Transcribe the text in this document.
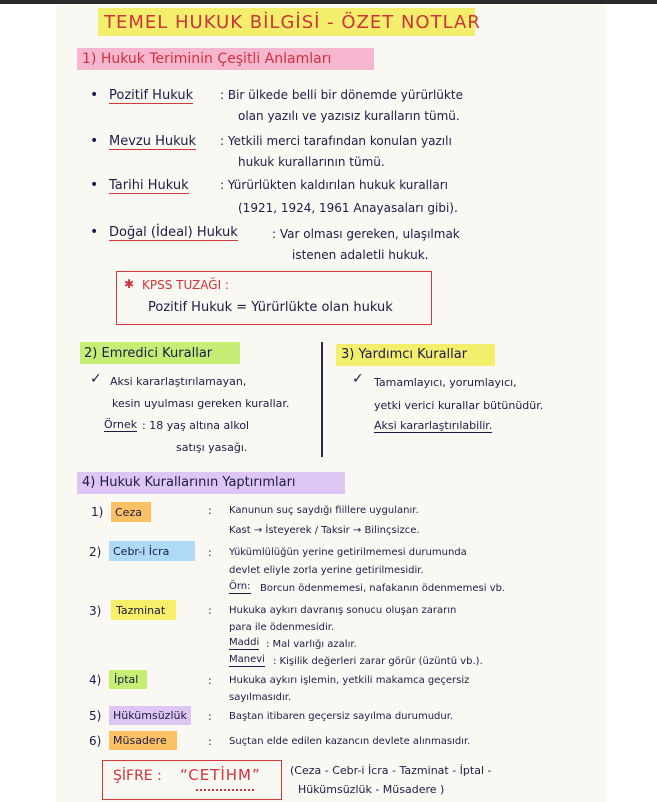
TEMEL HUKUK BİLGİSİ - ÖZET NOTLAR
1) Hukuk Teriminin Çeşitli Anlamları
• Pozitif Hukuk : Bir ülkede belli bir dönemde yürürlükte
olan yazılı ve yazısız kuralların tümü.
• Mevzu Hukuk : Yetkili merci tarafından konulan yazılı
hukuk kurallarının tümü.
• Tarihi Hukuk	: Yürürlükten kaldırılan hukuk kuralları
(1921, 1924, 1961 Anayasaları gibi).
• Doğal (İdeal) Hukuk	: Var olması gereken, ulaşılmak
istenen adaletli hukuk.
✱ KPSS TUZAĞI :
Pozitif Hukuk = Yürürlükte olan hukuk
2) Emredici Kurallar
✓ Aksi kararlaştırılamayan,
kesin uyulması gereken kurallar.
Örnek : 18 yaş altına alkol
satışı yasağı.
3) Yardımcı Kurallar
✓ Tamamlayıcı, yorumlayıcı,
yetki verici kurallar bütünüdür.
Aksi kararlaştırılabilir.
4) Hukuk Kurallarının Yaptırımları
1) Ceza	: Kanunun suç saydığı fiillere uygulanır.
Kast → İsteyerek / Taksir → Bilinçsizce.
2) Cebr-i İcra	: Yükümlülüğün yerine getirilmemesi durumunda
devlet eliyle zorla yerine getirilmesidir.
Örn: Borcun ödenmemesi, nafakanın ödenmemesi vb.
3) Tazminat	: Hukuka aykırı davranış sonucu oluşan zararın
para ile ödenmesidir.
Maddi : Mal varlığı azalır.
Manevi : Kişilik değerleri zarar görür (üzüntü vb.).
4) İptal	: Hukuka aykırı işlemin, yetkili makamca geçersiz
sayılmasıdır.
5) Hükümsüzlük : Baştan itibaren geçersiz sayılma durumudur.
6) Müsadere	: Suçtan elde edilen kazancın devlete alınmasıdır.
ŞİFRE : “CETİHM”	(Ceza - Cebr-i İcra - Tazminat - İptal -
Hükümsüzlük - Müsadere )
